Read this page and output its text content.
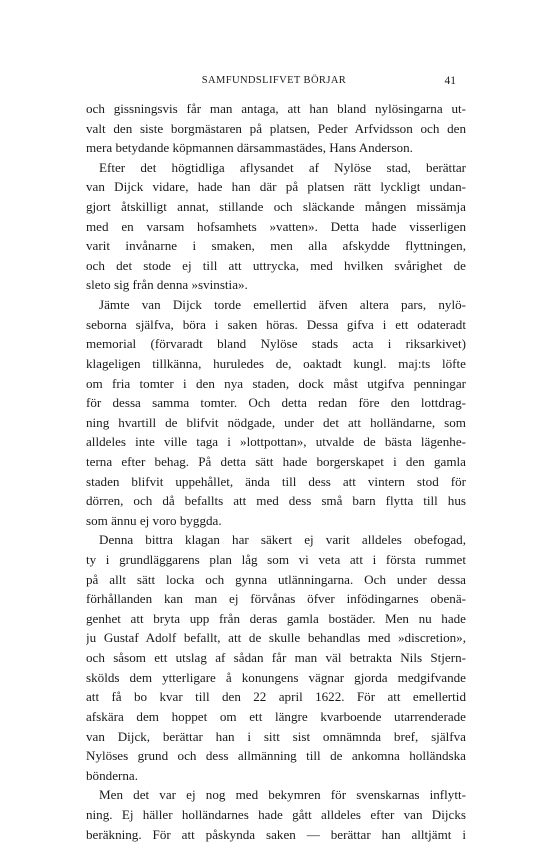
SAMFUNDSLIFVET BÖRJAR	41
och gissningsvis får man antaga, att han bland nylösingarna ut-
valt den siste borgmästaren på platsen, Peder Arfvidsson och den
mera betydande köpmannen därsammastädes, Hans Anderson.
Efter det högtidliga aflysandet af Nylöse stad, berättar
van Dijck vidare, hade han där på platsen rätt lyckligt undan-
gjort åtskilligt annat, stillande och släckande mången missämja
med en varsam hofsamhets »vatten». Detta hade visserligen
varit invånarne i smaken, men alla afskydde flyttningen,
och det stode ej till att uttrycka, med hvilken svårighet de
sleto sig från denna »svinstia».
Jämte van Dijck torde emellertid äfven altera pars, nylö-
seborna själfva, böra i saken höras. Dessa gifva i ett odateradt
memorial (förvaradt bland Nylöse stads acta i riksarkivet)
klageligen tillkänna, huruledes de, oaktadt kungl. maj:ts löfte
om fria tomter i den nya staden, dock måst utgifva penningar
för dessa samma tomter. Och detta redan före den lottdrag-
ning hvartill de blifvit nödgade, under det att holländarne, som
alldeles inte ville taga i »lottpottan», utvalde de bästa lägenhe-
terna efter behag. På detta sätt hade borgerskapet i den gamla
staden blifvit uppehållet, ända till dess att vintern stod för
dörren, och då befallts att med dess små barn flytta till hus
som ännu ej voro byggda.
Denna bittra klagan har säkert ej varit alldeles obefogad,
ty i grundläggarens plan låg som vi veta att i första rummet
på allt sätt locka och gynna utlänningarna. Och under dessa
förhållanden kan man ej förvånas öfver infödingarnes obenä-
genhet att bryta upp från deras gamla bostäder. Men nu hade
ju Gustaf Adolf befallt, att de skulle behandlas med »discretion»,
och såsom ett utslag af sådan får man väl betrakta Nils Stjern-
skölds dem ytterligare å konungens vägnar gjorda medgifvande
att få bo kvar till den 22 april 1622. För att emellertid
afskära dem hoppet om ett längre kvarboende utarrenderade
van Dijck, berättar han i sitt sist omnämnda bref, själfva
Nylöses grund och dess allmänning till de ankomna holländska
bönderna.
Men det var ej nog med bekymren för svenskarnas inflytt-
ning. Ej häller holländarnes hade gått alldeles efter van Dijcks
beräkning. För att påskynda saken — berättar han alltjämt i
